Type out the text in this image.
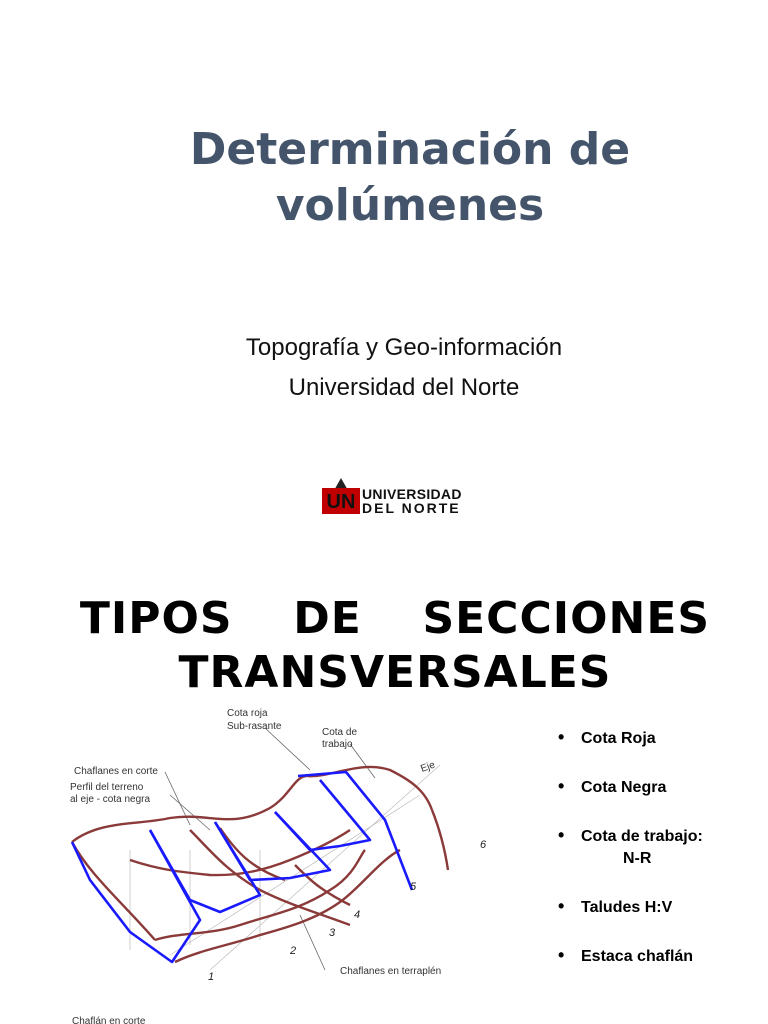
Determinación de
volúmenes
Topografía y Geo-información
Universidad del Norte
UN UNIVERSIDAD
DEL NORTE
TIPOS  DE  SECCIONES
TRANSVERSALES
1
2
3
4
5
6
Cota roja
Sub-rasante
Cota de
trabajo
Eje
Chaflanes en corte
Perfil del terreno
al eje - cota negra
Chaflanes en terraplén
Chaflán en corte
• Cota Roja
• Cota Negra
• Cota de trabajo:
N-R
• Taludes H:V
• Estaca chaflán
